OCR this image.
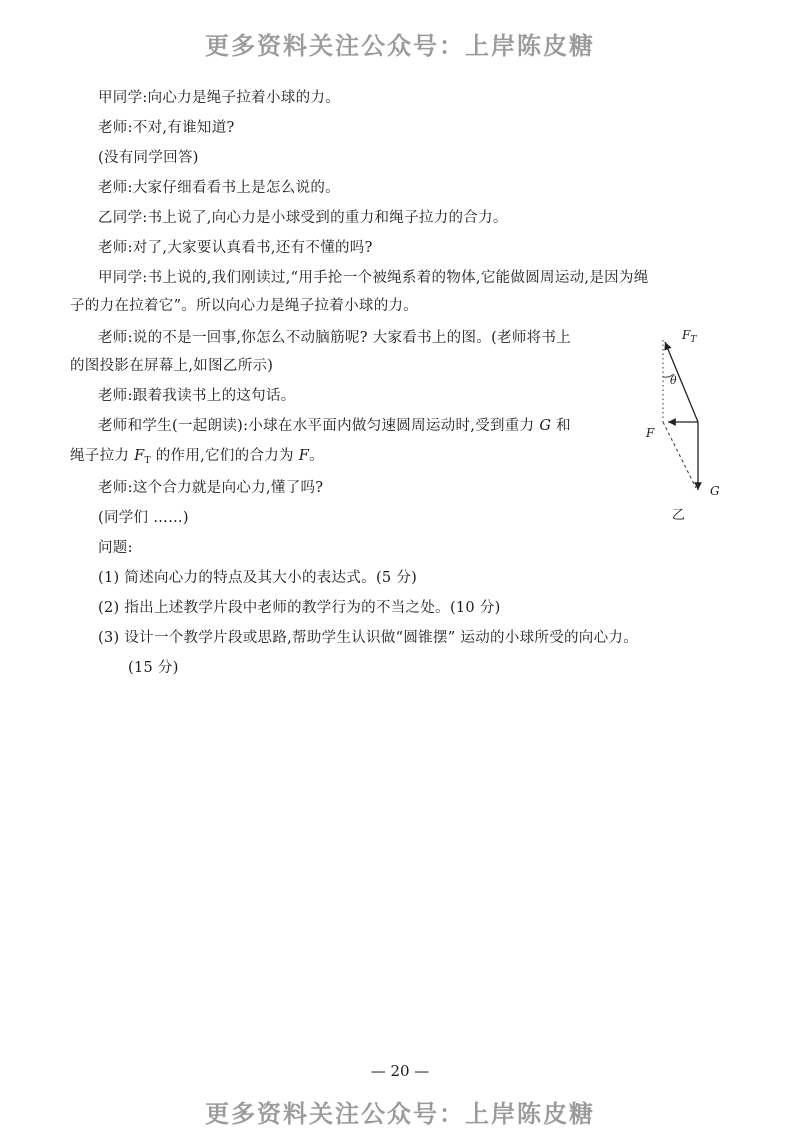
更多资料关注公众号：上岸陈皮糖
甲同学:向心力是绳子拉着小球的力。
老师:不对,有谁知道?
(没有同学回答)
老师:大家仔细看看书上是怎么说的。
乙同学:书上说了,向心力是小球受到的重力和绳子拉力的合力。
老师:对了,大家要认真看书,还有不懂的吗?
甲同学:书上说的,我们刚读过,“用手抡一个被绳系着的物体,它能做圆周运动,是因为绳
子的力在拉着它”。所以向心力是绳子拉着小球的力。
老师:说的不是一回事,你怎么不动脑筋呢? 大家看书上的图。(老师将书上
的图投影在屏幕上,如图乙所示)
老师:跟着我读书上的这句话。
老师和学生(一起朗读):小球在水平面内做匀速圆周运动时,受到重力 G 和
绳子拉力 $F_T$ 的作用,它们的合力为 F。
老师:这个合力就是向心力,懂了吗?
(同学们 ……)
问题:
(1) 简述向心力的特点及其大小的表达式。(5 分)
(2) 指出上述教学片段中老师的教学行为的不当之处。(10 分)
(3) 设计一个教学片段或思路,帮助学生认识做“圆锥摆” 运动的小球所受的向心力。
(15 分)
$F_T$
θ
F
G
乙
— 20 —
更多资料关注公众号：上岸陈皮糖
